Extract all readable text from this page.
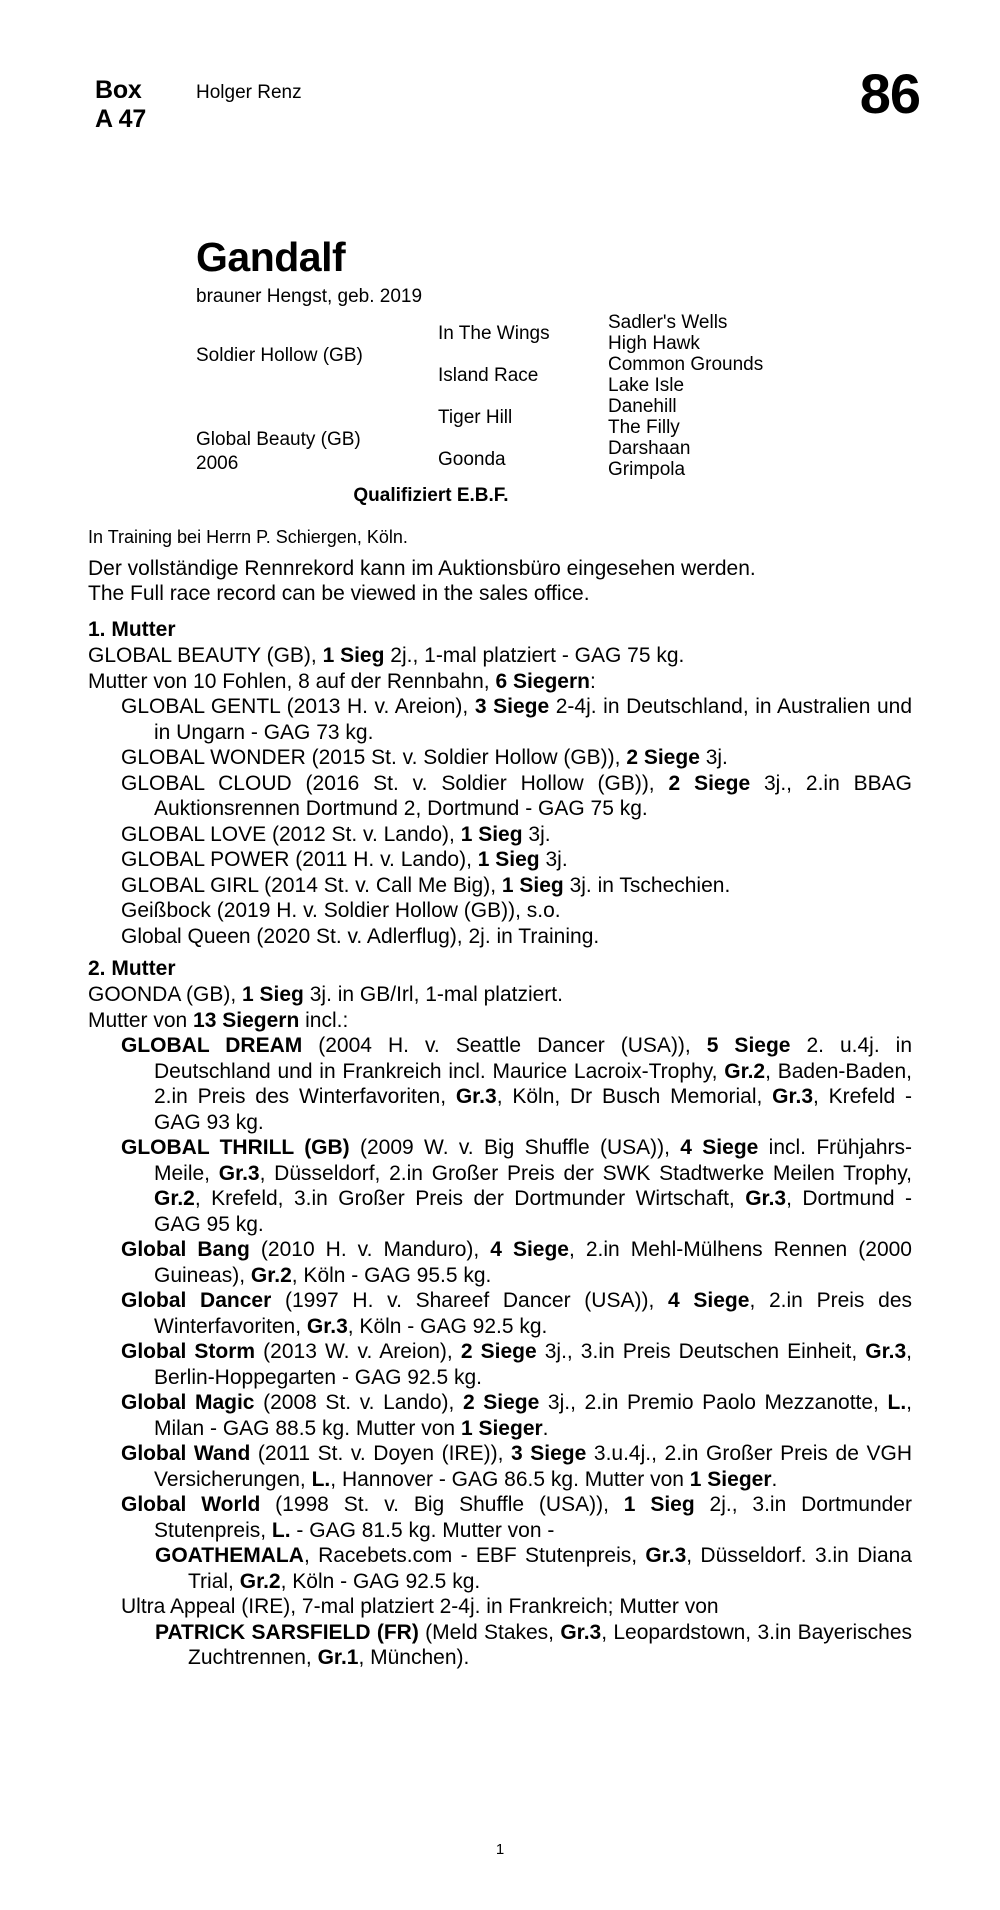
Box
A 47
Holger Renz	86
Gandalf
brauner Hengst, geb. 2019
Soldier Hollow (GB)
Global Beauty (GB)
2006
In The Wings
Island Race
Tiger Hill
Goonda
Sadler's Wells
High Hawk
Common Grounds
Lake Isle
Danehill
The Filly
Darshaan
Grimpola
Qualifiziert E.B.F.
In Training bei Herrn P. Schiergen, Köln.
Der vollständige Rennrekord kann im Auktionsbüro eingesehen werden.
The Full race record can be viewed in the sales office.
1. Mutter
GLOBAL BEAUTY (GB), 1 Sieg 2j., 1-mal platziert - GAG 75 kg.
Mutter von 10 Fohlen, 8 auf der Rennbahn, 6 Siegern:
GLOBAL GENTL (2013 H. v. Areion), 3 Siege 2-4j. in Deutschland, in Australien und in Ungarn - GAG 73 kg.
GLOBAL WONDER (2015 St. v. Soldier Hollow (GB)), 2 Siege 3j.
GLOBAL CLOUD (2016 St. v. Soldier Hollow (GB)), 2 Siege 3j., 2.in BBAG Auktionsrennen Dortmund 2, Dortmund - GAG 75 kg.
GLOBAL LOVE (2012 St. v. Lando), 1 Sieg 3j.
GLOBAL POWER (2011 H. v. Lando), 1 Sieg 3j.
GLOBAL GIRL (2014 St. v. Call Me Big), 1 Sieg 3j. in Tschechien.
Geißbock (2019 H. v. Soldier Hollow (GB)), s.o.
Global Queen (2020 St. v. Adlerflug), 2j. in Training.
2. Mutter
GOONDA (GB), 1 Sieg 3j. in GB/Irl, 1-mal platziert.
Mutter von 13 Siegern incl.:
GLOBAL DREAM (2004 H. v. Seattle Dancer (USA)), 5 Siege 2. u.4j. in Deutschland und in Frankreich incl. Maurice Lacroix-Trophy, Gr.2, Baden-Baden, 2.in Preis des Winterfavoriten, Gr.3, Köln, Dr Busch Memorial, Gr.3, Krefeld - GAG 93 kg.
GLOBAL THRILL (GB) (2009 W. v. Big Shuffle (USA)), 4 Siege incl. Frühjahrs-Meile, Gr.3, Düsseldorf, 2.in Großer Preis der SWK Stadtwerke Meilen Trophy, Gr.2, Krefeld, 3.in Großer Preis der Dortmunder Wirtschaft, Gr.3, Dortmund - GAG 95 kg.
Global Bang (2010 H. v. Manduro), 4 Siege, 2.in Mehl-Mülhens Rennen (2000 Guineas), Gr.2, Köln - GAG 95.5 kg.
Global Dancer (1997 H. v. Shareef Dancer (USA)), 4 Siege, 2.in Preis des Winterfavoriten, Gr.3, Köln - GAG 92.5 kg.
Global Storm (2013 W. v. Areion), 2 Siege 3j., 3.in Preis Deutschen Einheit, Gr.3, Berlin-Hoppegarten - GAG 92.5 kg.
Global Magic (2008 St. v. Lando), 2 Siege 3j., 2.in Premio Paolo Mezzanotte, L., Milan - GAG 88.5 kg. Mutter von 1 Sieger.
Global Wand (2011 St. v. Doyen (IRE)), 3 Siege 3.u.4j., 2.in Großer Preis de VGH Versicherungen, L., Hannover - GAG 86.5 kg. Mutter von 1 Sieger.
Global World (1998 St. v. Big Shuffle (USA)), 1 Sieg 2j., 3.in Dortmunder Stutenpreis, L. - GAG 81.5 kg. Mutter von -
GOATHEMALA, Racebets.com - EBF Stutenpreis, Gr.3, Düsseldorf. 3.in Diana Trial, Gr.2, Köln - GAG 92.5 kg.
Ultra Appeal (IRE), 7-mal platziert 2-4j. in Frankreich; Mutter von
PATRICK SARSFIELD (FR) (Meld Stakes, Gr.3, Leopardstown, 3.in Bayerisches Zuchtrennen, Gr.1, München).
1
